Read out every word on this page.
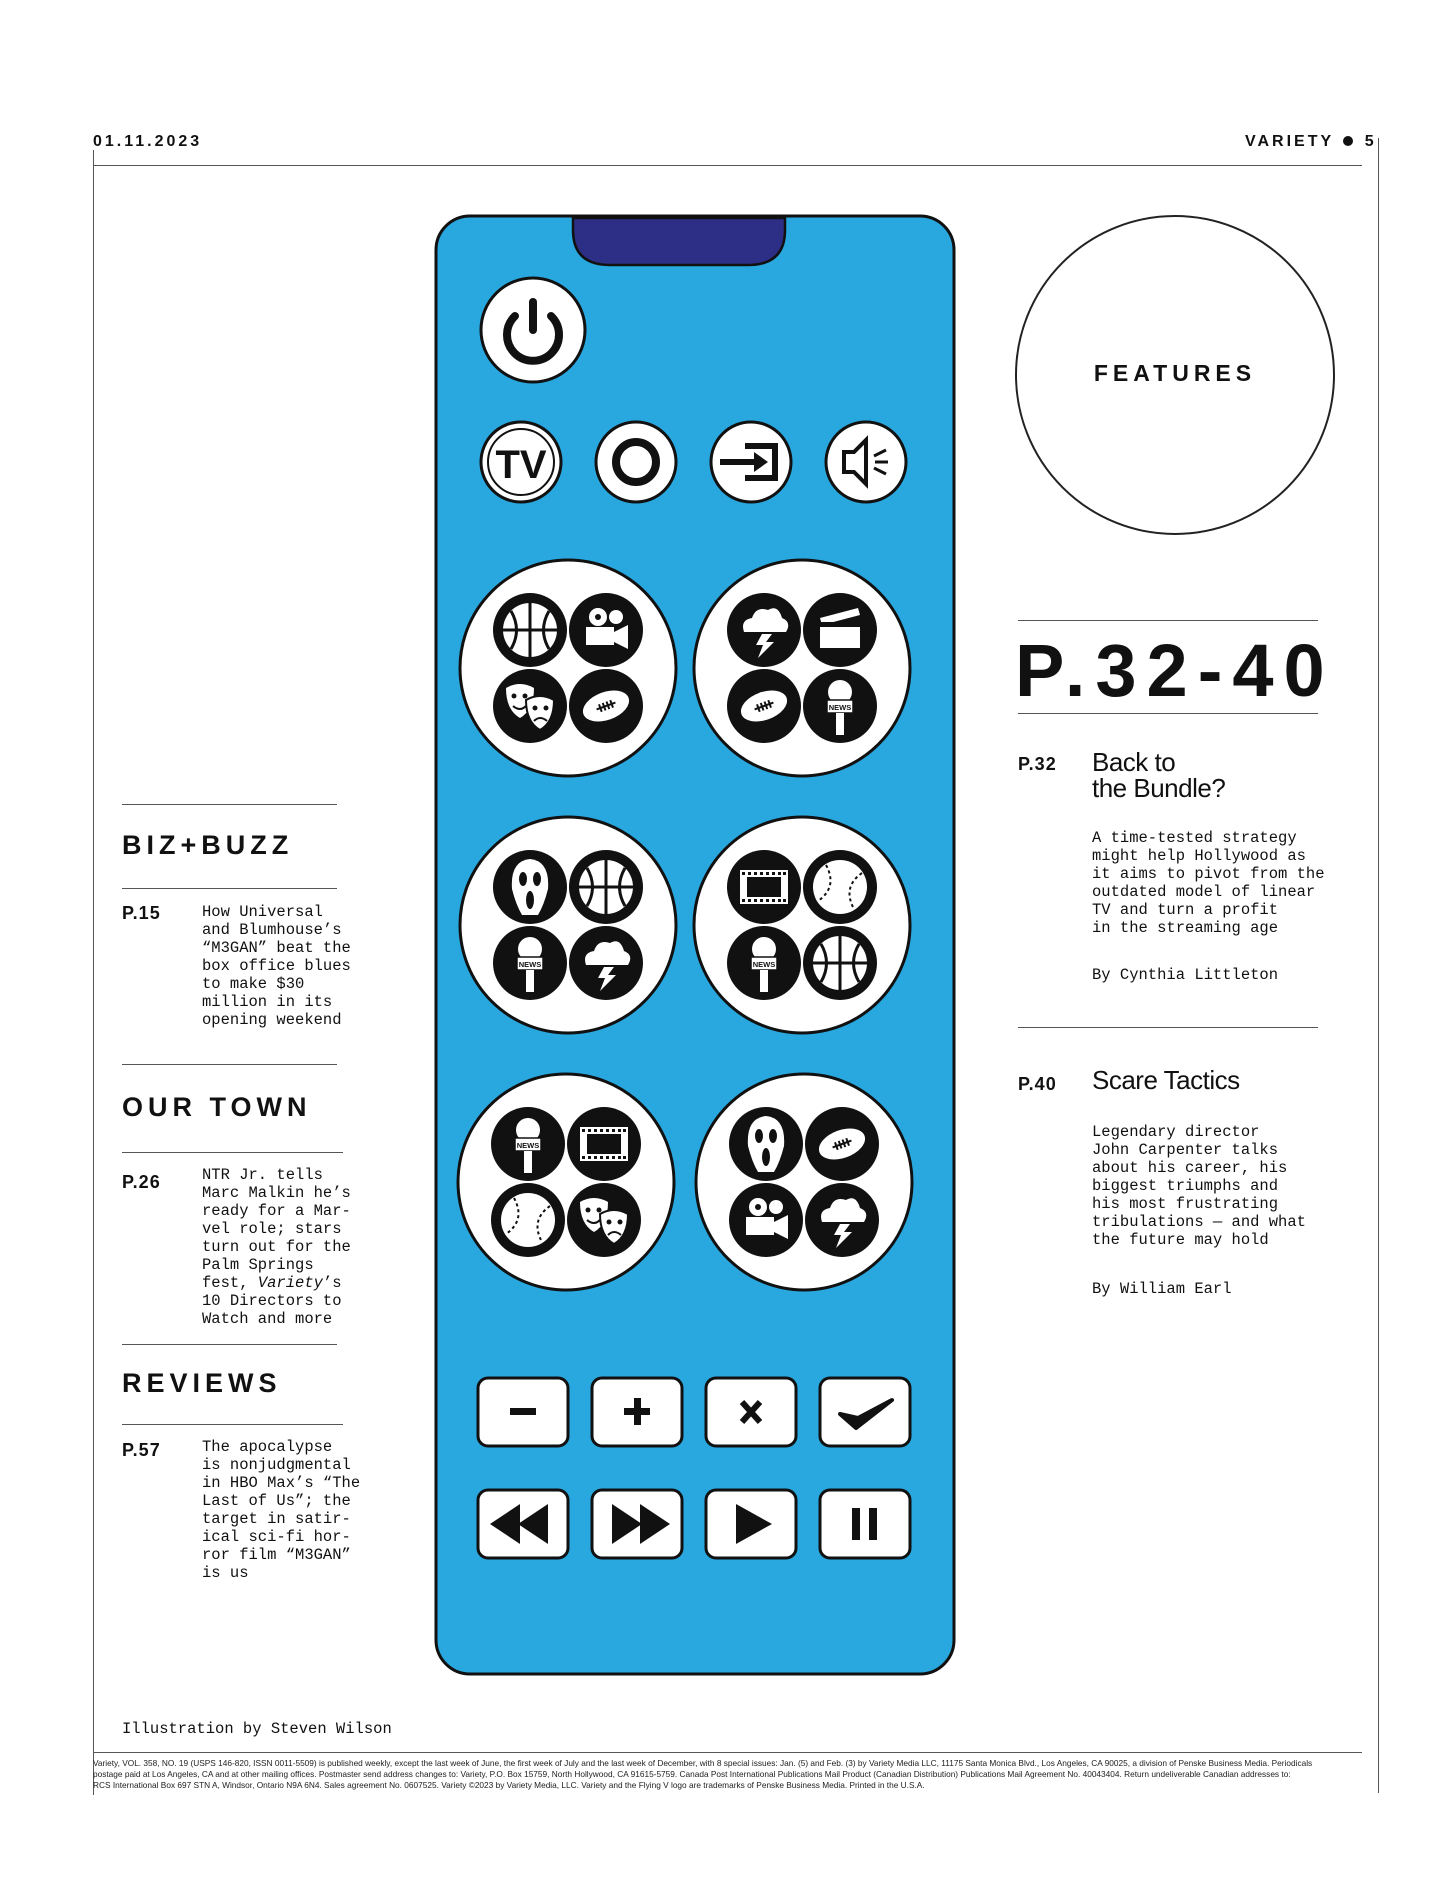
01.11.2023	VARIETY 5
BIZ+BUZZ
P.15	How Universal
and Blumhouse’s
“M3GAN” beat the
box office blues
to make $30
million in its
opening weekend
OUR TOWN
P.26	NTR Jr. tells
Marc Malkin he’s
ready for a Mar-
vel role; stars
turn out for the
Palm Springs
fest, Variety’s
10 Directors to
Watch and more
REVIEWS
P.57	The apocalypse
is nonjudgmental
in HBO Max’s “The
Last of Us”; the
target in satir-
ical sci-fi hor-
ror film “M3GAN”
is us
NEWS
TV
FEATURES
P.32-40
P.32 Back to
the Bundle?
A time-tested strategy
might help Hollywood as
it aims to pivot from the
outdated model of linear
TV and turn a profit
in the streaming age
By Cynthia Littleton
P.40 Scare Tactics
Legendary director
John Carpenter talks
about his career, his
biggest triumphs and
his most frustrating
tribulations — and what
the future may hold
By William Earl
Illustration by Steven Wilson
Variety, VOL. 358, NO. 19 (USPS 146-820, ISSN 0011-5509) is published weekly, except the last week of June, the first week of July and the last week of December, with 8 special issues: Jan. (5) and Feb. (3) by Variety Media LLC, 11175 Santa Monica Blvd., Los Angeles, CA 90025, a division of Penske Business Media. Periodicals
postage paid at Los Angeles, CA and at other mailing offices. Postmaster send address changes to: Variety, P.O. Box 15759, North Hollywood, CA 91615-5759. Canada Post International Publications Mail Product (Canadian Distribution) Publications Mail Agreement No. 40043404. Return undeliverable Canadian addresses to:
RCS International Box 697 STN A, Windsor, Ontario N9A 6N4. Sales agreement No. 0607525. Variety ©2023 by Variety Media, LLC. Variety and the Flying V logo are trademarks of Penske Business Media. Printed in the U.S.A.
